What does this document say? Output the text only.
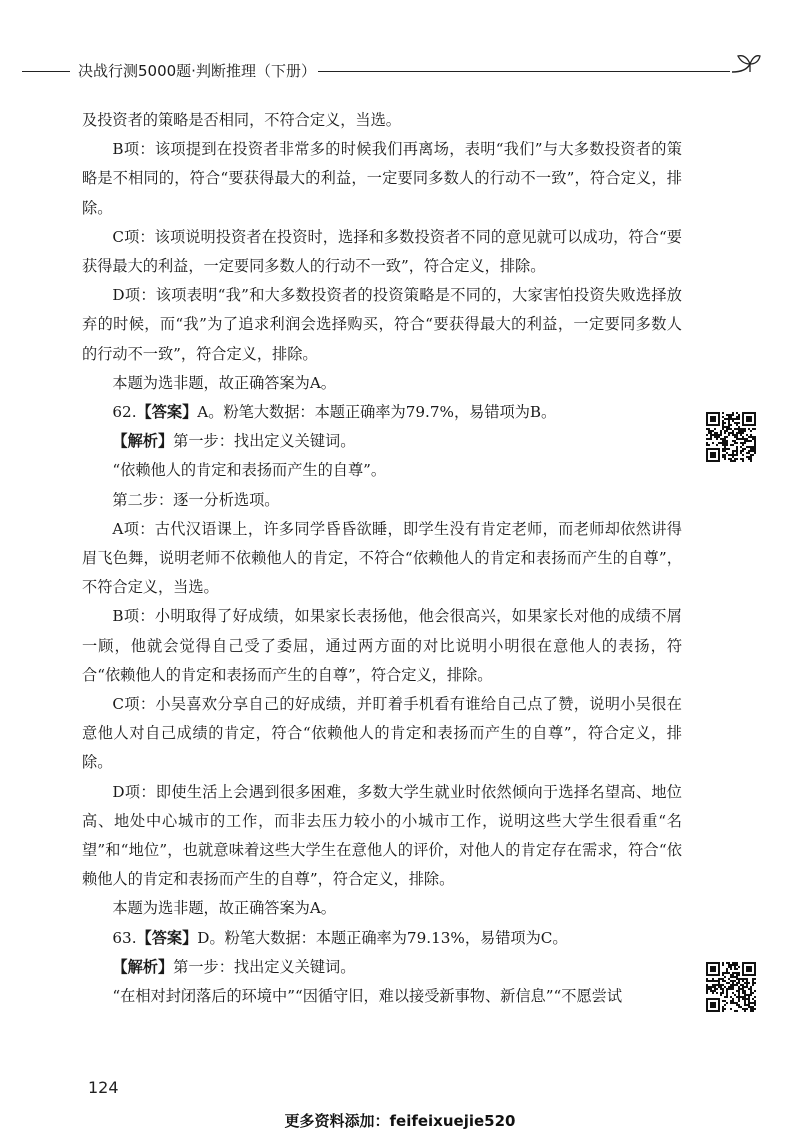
决战行测5000题·判断推理（下册）

及投资者的策略是否相同，不符合定义，当选。

B项：该项提到在投资者非常多的时候我们再离场，表明“我们”与大多数投资者的策略是不相同的，符合“要获得最大的利益，一定要同多数人的行动不一致”，符合定义，排除。

C项：该项说明投资者在投资时，选择和多数投资者不同的意见就可以成功，符合“要获得最大的利益，一定要同多数人的行动不一致”，符合定义，排除。

D项：该项表明“我”和大多数投资者的投资策略是不同的，大家害怕投资失败选择放弃的时候，而“我”为了追求利润会选择购买，符合“要获得最大的利益，一定要同多数人的行动不一致”，符合定义，排除。

本题为选非题，故正确答案为A。

62.【答案】A。粉笔大数据：本题正确率为79.7%，易错项为B。

【解析】第一步：找出定义关键词。

“依赖他人的肯定和表扬而产生的自尊”。

第二步：逐一分析选项。

A项：古代汉语课上，许多同学昏昏欲睡，即学生没有肯定老师，而老师却依然讲得眉飞色舞，说明老师不依赖他人的肯定，不符合“依赖他人的肯定和表扬而产生的自尊”，不符合定义，当选。

B项：小明取得了好成绩，如果家长表扬他，他会很高兴，如果家长对他的成绩不屑一顾，他就会觉得自己受了委屈，通过两方面的对比说明小明很在意他人的表扬，符合“依赖他人的肯定和表扬而产生的自尊”，符合定义，排除。

C项：小吴喜欢分享自己的好成绩，并盯着手机看有谁给自己点了赞，说明小吴很在意他人对自己成绩的肯定，符合“依赖他人的肯定和表扬而产生的自尊”，符合定义，排除。

D项：即使生活上会遇到很多困难，多数大学生就业时依然倾向于选择名望高、地位高、地处中心城市的工作，而非去压力较小的小城市工作，说明这些大学生很看重“名望”和“地位”，也就意味着这些大学生在意他人的评价，对他人的肯定存在需求，符合“依赖他人的肯定和表扬而产生的自尊”，符合定义，排除。

本题为选非题，故正确答案为A。

63.【答案】D。粉笔大数据：本题正确率为79.13%，易错项为C。

【解析】第一步：找出定义关键词。

“在相对封闭落后的环境中”“因循守旧，难以接受新事物、新信息”“不愿尝试

124
更多资料添加：feifeixuejie520
